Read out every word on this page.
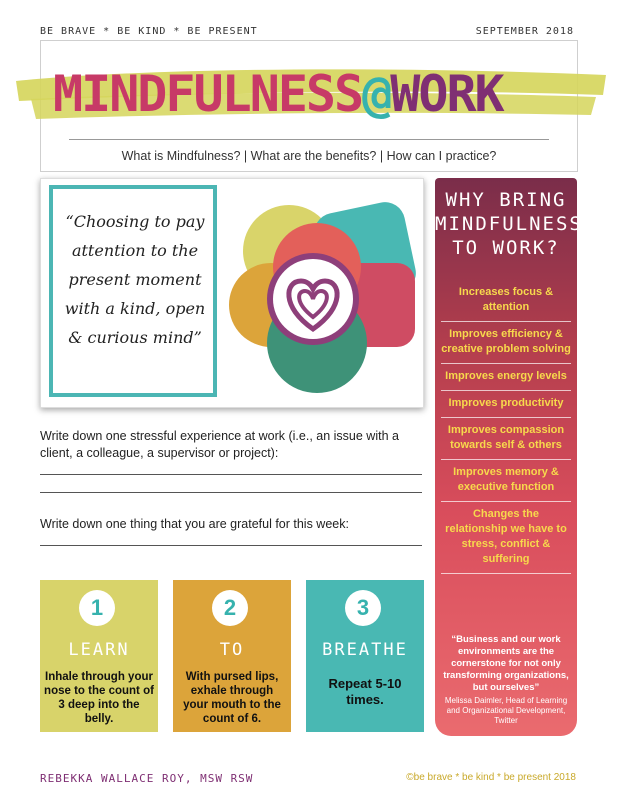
BE BRAVE * BE KIND * BE PRESENT	SEPTEMBER 2018
MINDFULNESS@WORK
What is Mindfulness? | What are the benefits? | How can I practice?
“Choosing to pay attention to the present moment with a kind, open & curious mind”
WHY BRING MINDFULNESS TO WORK?
Increases focus & attention
Improves efficiency & creative problem solving
Improves energy levels
Improves productivity
Improves compassion towards self & others
Improves memory & executive function
Changes the relationship we have to stress, conflict & suffering
“Business and our work environments are the cornerstone for not only transforming organizations, but ourselves”
Melissa Daimler, Head of Learning and Organizational Development, Twitter
Write down one stressful experience at work (i.e., an issue with a client, a colleague, a supervisor or project):
Write down one thing that you are grateful for this week:
1
LEARN
Inhale through your nose to the count of 3 deep into the belly.
2
TO
With pursed lips, exhale through your mouth to the count of 6.
3
BREATHE
Repeat 5-10 times.
REBEKKA WALLACE ROY, MSW RSW	©be brave * be kind * be present 2018
